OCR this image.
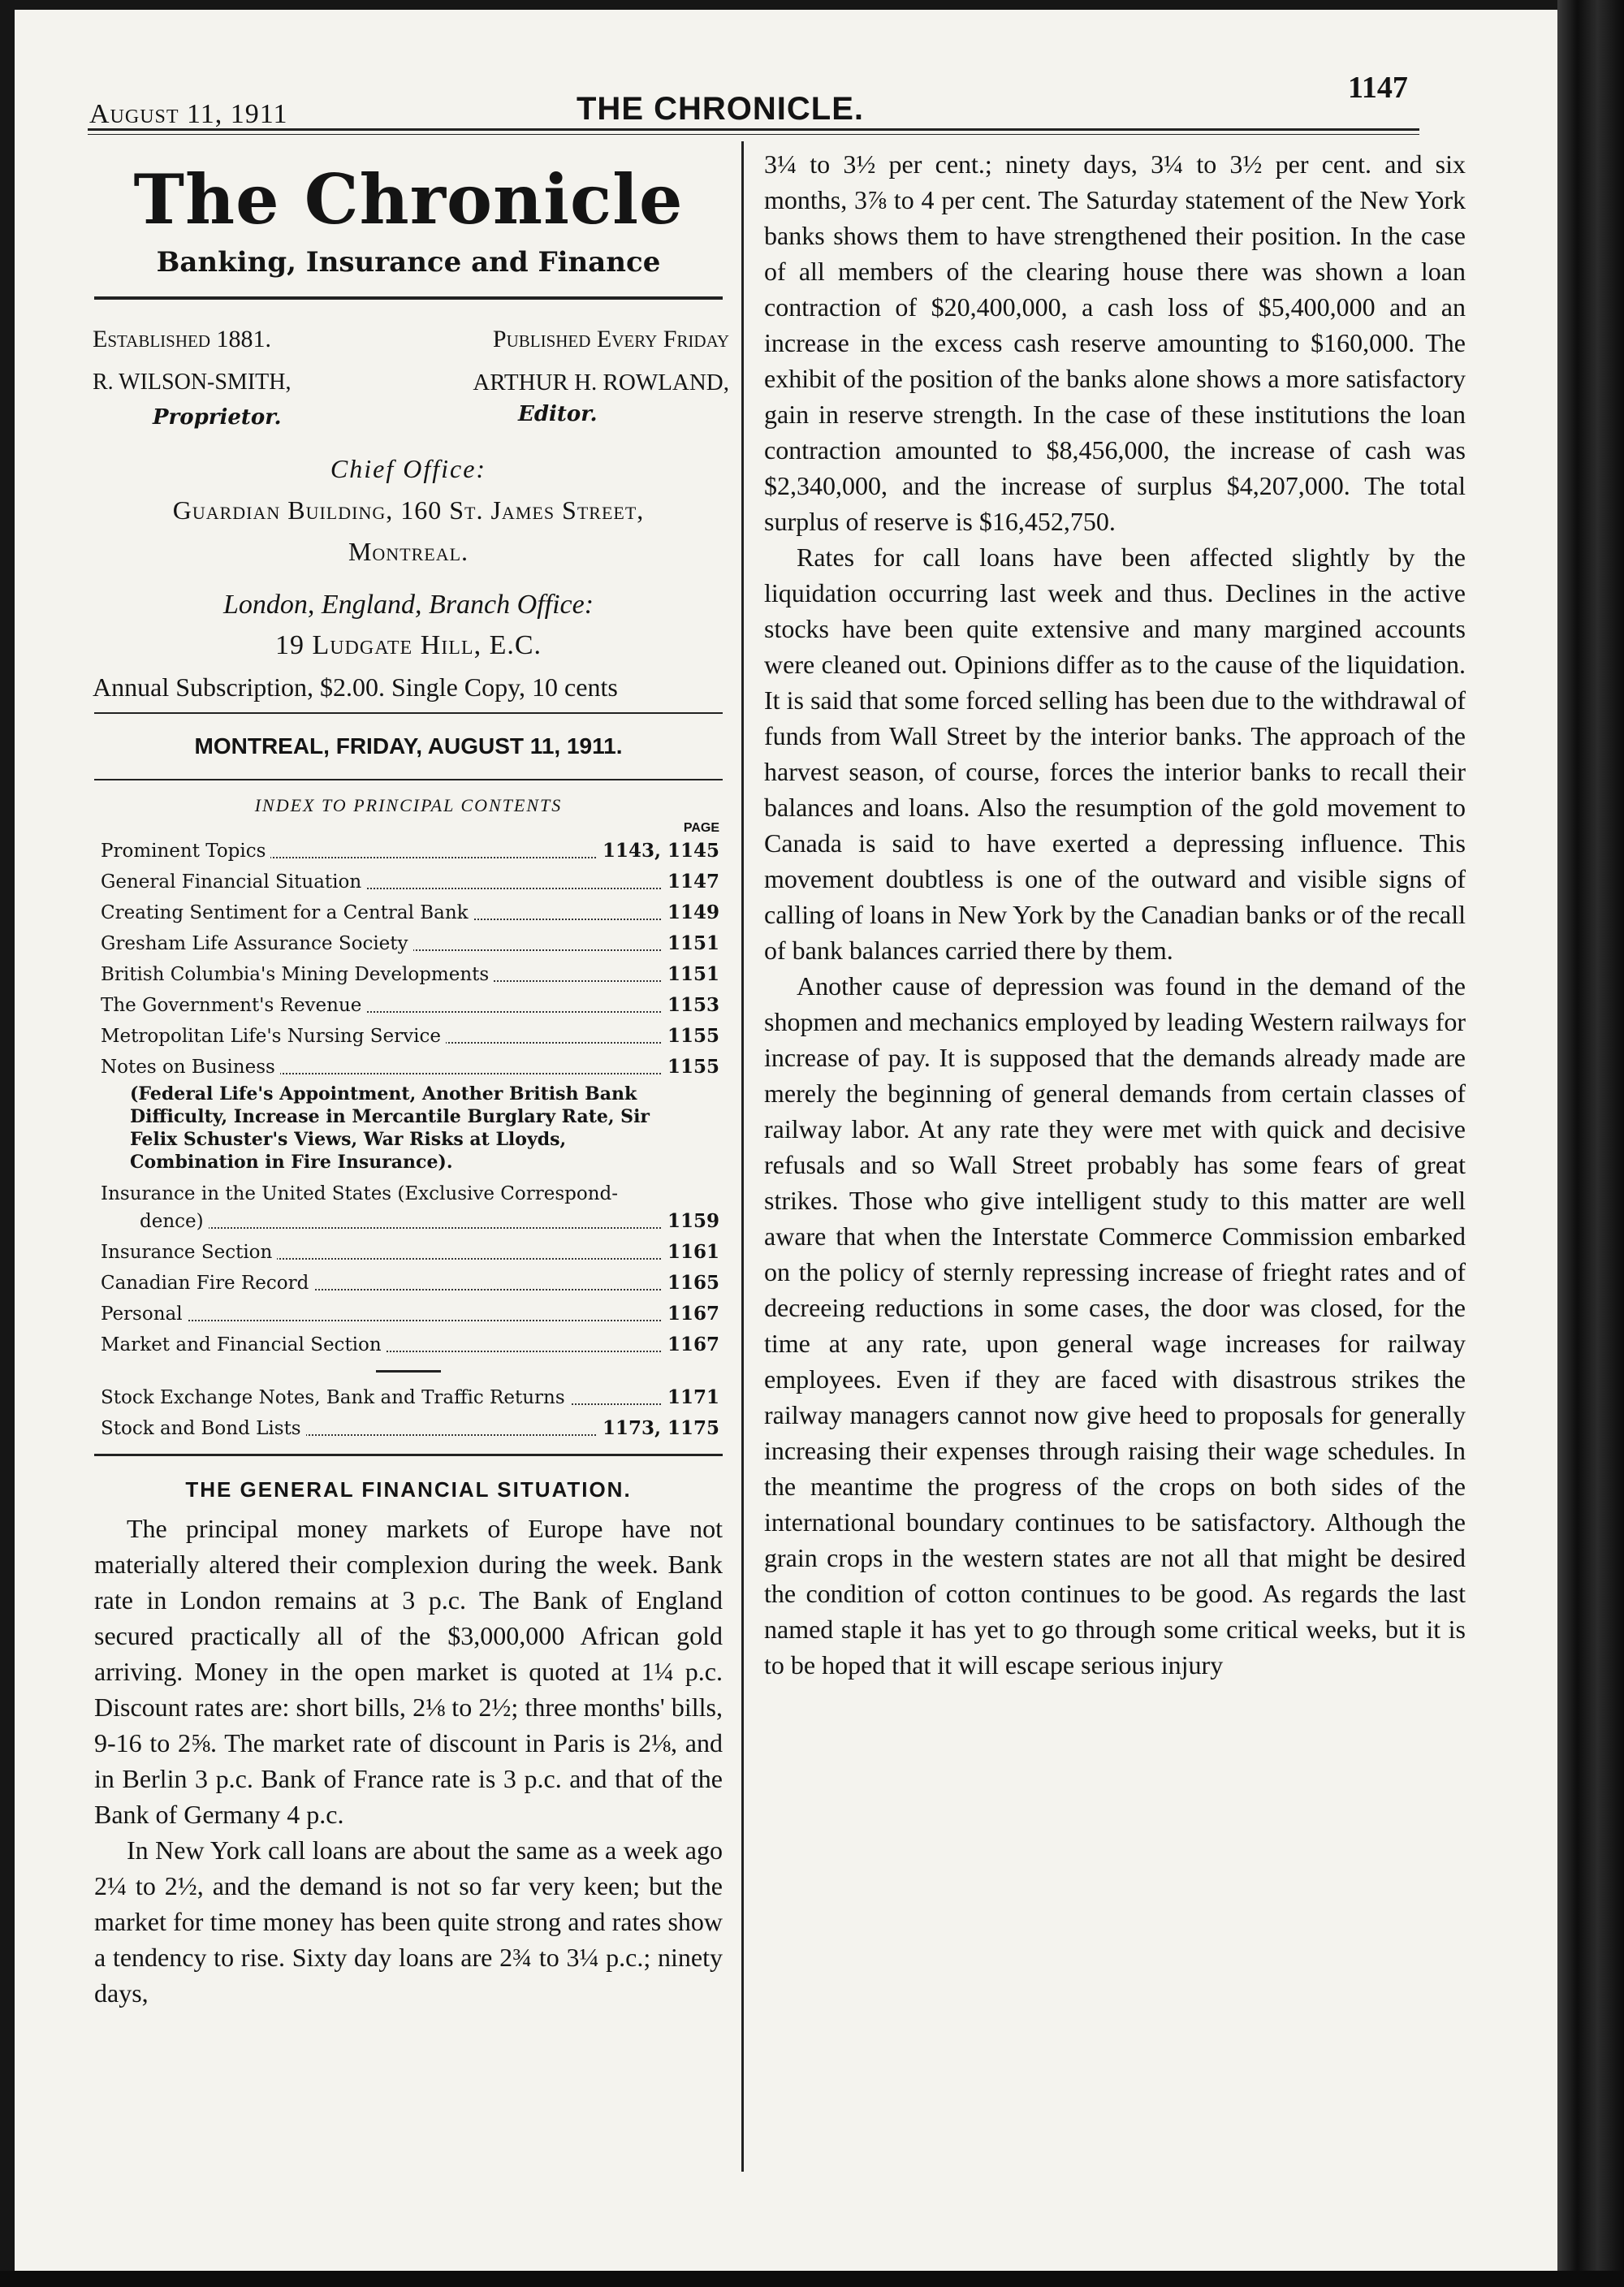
August 11, 1911	THE CHRONICLE.
1147
The Chronicle
Banking, Insurance and Finance
Established 1881.	Published Every Friday
R. WILSON-SMITH,	ARTHUR H. ROWLAND,
Proprietor.	Editor.
Chief Office:
Guardian Building, 160 St. James Street,
Montreal.
London, England, Branch Office:
19 Ludgate Hill, E.C.
Annual Subscription, $2.00. Single Copy, 10 cents
MONTREAL, FRIDAY, AUGUST 11, 1911.
INDEX TO PRINCIPAL CONTENTS
PAGE
Prominent Topics	1143, 1145
General Financial Situation	1147
Creating Sentiment for a Central Bank	1149
Gresham Life Assurance Society	1151
British Columbia's Mining Developments	1151
The Government's Revenue	1153
Metropolitan Life's Nursing Service	1155
Notes on Business	1155
(Federal Life's Appointment, Another British Bank Difficulty, Increase in Mercantile Burglary Rate, Sir Felix Schuster's Views, War Risks at Lloyds, Combination in Fire Insurance).
Insurance in the United States (Exclusive Correspond-
dence)	1159
Insurance Section	1161
Canadian Fire Record	1165
Personal	1167
Market and Financial Section	1167
Stock Exchange Notes, Bank and Traffic Returns	1171
Stock and Bond Lists	1173, 1175
THE GENERAL FINANCIAL SITUATION.

The principal money markets of Europe have not materially altered their complexion during the week. Bank rate in London remains at 3 p.c. The Bank of England secured practically all of the $3,000,000 African gold arriving. Money in the open market is quoted at 1¼ p.c. Discount rates are: short bills, 2⅛ to 2½; three months' bills, 9-16 to 2⅝. The market rate of discount in Paris is 2⅛, and in Berlin 3 p.c. Bank of France rate is 3 p.c. and that of the Bank of Germany 4 p.c.

In New York call loans are about the same as a week ago 2¼ to 2½, and the demand is not so far very keen; but the market for time money has been quite strong and rates show a tendency to rise. Sixty day loans are 2¾ to 3¼ p.c.; ninety days,

3¼ to 3½ per cent.; ninety days, 3¼ to 3½ per cent. and six months, 3⅞ to 4 per cent. The Saturday statement of the New York banks shows them to have strengthened their position. In the case of all members of the clearing house there was shown a loan contraction of $20,400,000, a cash loss of $5,400,000 and an increase in the excess cash reserve amounting to $160,000. The exhibit of the position of the banks alone shows a more satisfactory gain in reserve strength. In the case of these institutions the loan contraction amounted to $8,456,000, the increase of cash was $2,340,000, and the increase of surplus $4,207,000. The total surplus of reserve is $16,452,750.

Rates for call loans have been affected slightly by the liquidation occurring last week and thus. Declines in the active stocks have been quite extensive and many margined accounts were cleaned out. Opinions differ as to the cause of the liquidation. It is said that some forced selling has been due to the withdrawal of funds from Wall Street by the interior banks. The approach of the harvest season, of course, forces the interior banks to recall their balances and loans. Also the resumption of the gold movement to Canada is said to have exerted a depressing influence. This movement doubtless is one of the outward and visible signs of calling of loans in New York by the Canadian banks or of the recall of bank balances carried there by them.

Another cause of depression was found in the demand of the shopmen and mechanics employed by leading Western railways for increase of pay. It is supposed that the demands already made are merely the beginning of general demands from certain classes of railway labor. At any rate they were met with quick and decisive refusals and so Wall Street probably has some fears of great strikes. Those who give intelligent study to this matter are well aware that when the Interstate Commerce Commission embarked on the policy of sternly repressing increase of frieght rates and of decreeing reductions in some cases, the door was closed, for the time at any rate, upon general wage increases for railway employees. Even if they are faced with disastrous strikes the railway managers cannot now give heed to proposals for generally increasing their expenses through raising their wage schedules. In the meantime the progress of the crops on both sides of the international boundary continues to be satisfactory. Although the grain crops in the western states are not all that might be desired the condition of cotton continues to be good. As regards the last named staple it has yet to go through some critical weeks, but it is to be hoped that it will escape serious injury
